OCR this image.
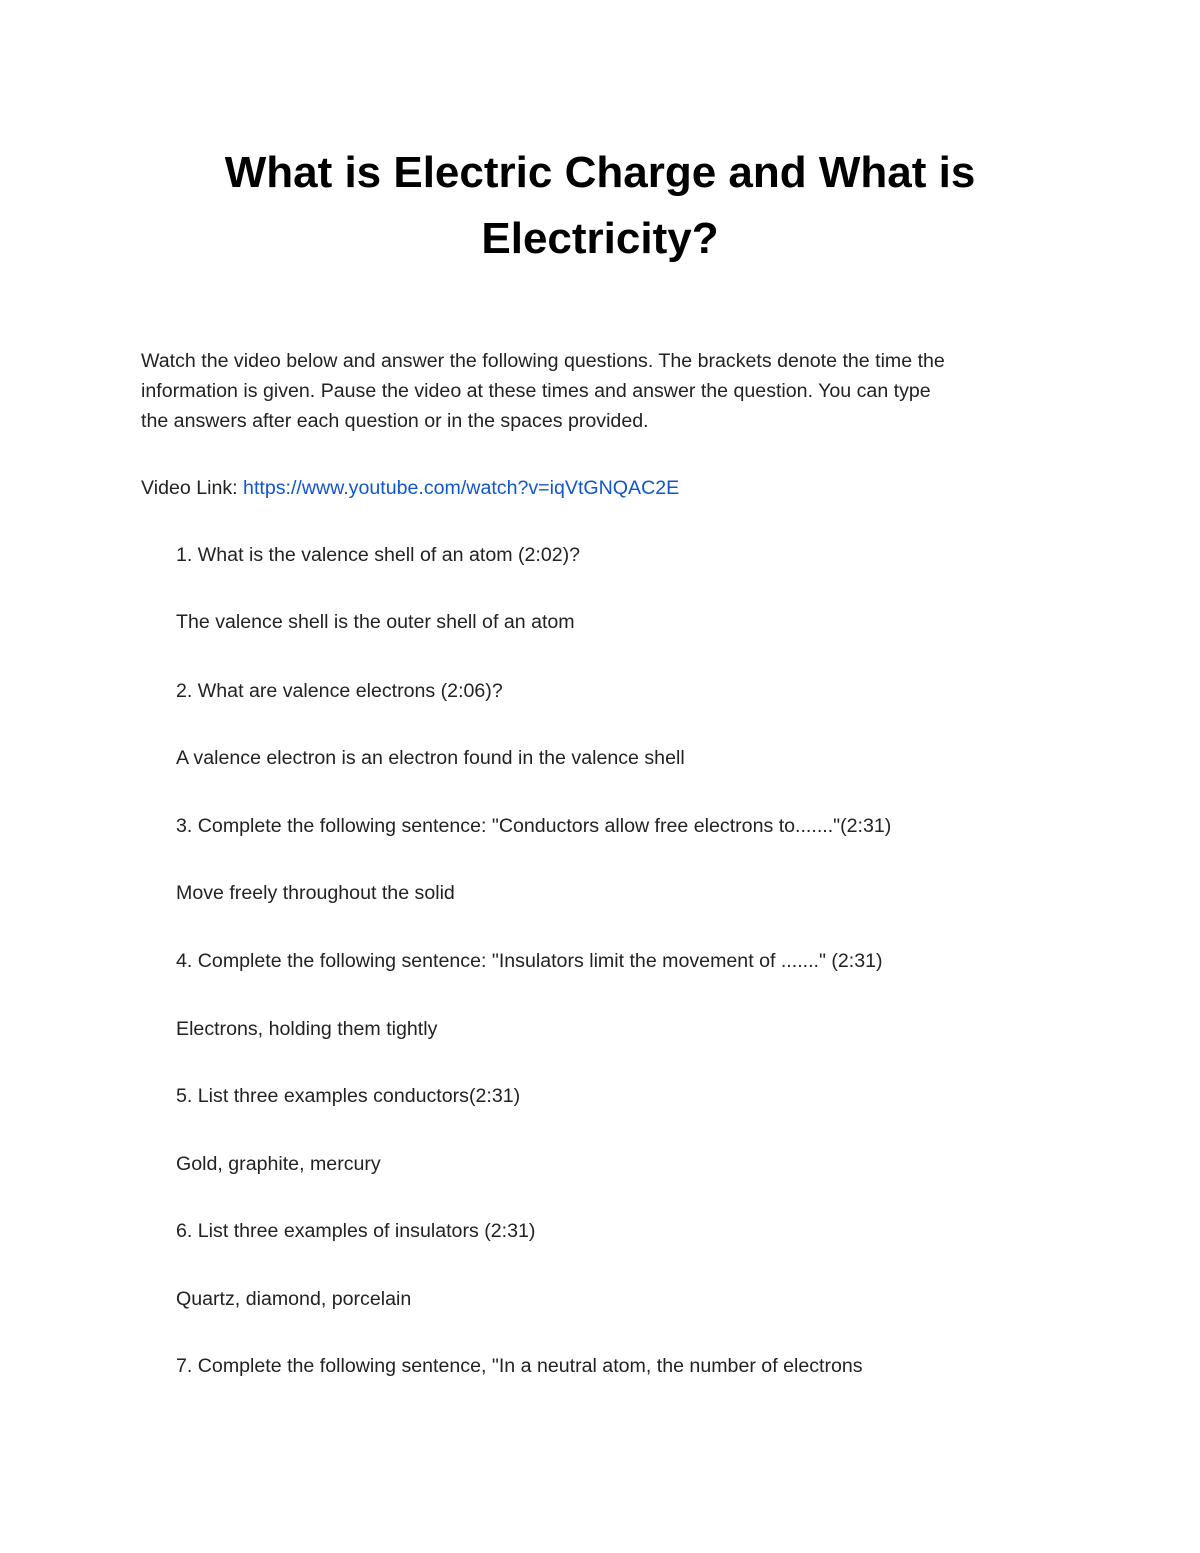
What is Electric Charge and What is
Electricity?

Watch the video below and answer the following questions. The brackets denote the time the
information is given. Pause the video at these times and answer the question. You can type
the answers after each question or in the spaces provided.

Video Link: https://www.youtube.com/watch?v=iqVtGNQAC2E

1. What is the valence shell of an atom (2:02)?

The valence shell is the outer shell of an atom

2. What are valence electrons (2:06)?

A valence electron is an electron found in the valence shell

3. Complete the following sentence: "Conductors allow free electrons to......."(2:31)

Move freely throughout the solid

4. Complete the following sentence: "Insulators limit the movement of ......." (2:31)

Electrons, holding them tightly

5. List three examples conductors(2:31)

Gold, graphite, mercury

6. List three examples of insulators (2:31)

Quartz, diamond, porcelain

7. Complete the following sentence, "In a neutral atom, the number of electrons
